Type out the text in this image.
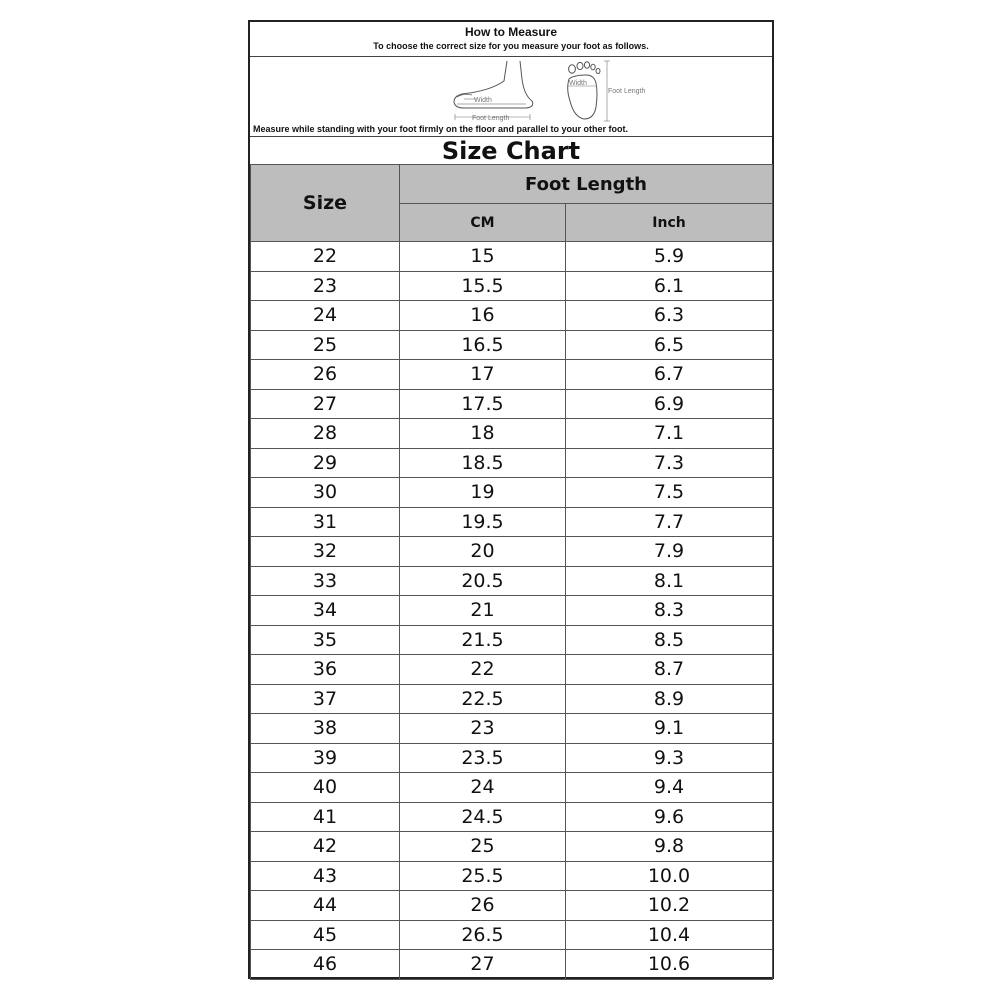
How to Measure
To choose the correct size for you measure your foot as follows.
Width
Foot Length
Width
Foot Length
Measure while standing with your foot firmly on the floor and parallel to your other foot.
Size Chart
Size	Foot Length	
	CM	Inch
22	15	5.9
23	15.5	6.1
24	16	6.3
25	16.5	6.5
26	17	6.7
27	17.5	6.9
28	18	7.1
29	18.5	7.3
30	19	7.5
31	19.5	7.7
32	20	7.9
33	20.5	8.1
34	21	8.3
35	21.5	8.5
36	22	8.7
37	22.5	8.9
38	23	9.1
39	23.5	9.3
40	24	9.4
41	24.5	9.6
42	25	9.8
43	25.5	10.0
44	26	10.2
45	26.5	10.4
46	27	10.6
